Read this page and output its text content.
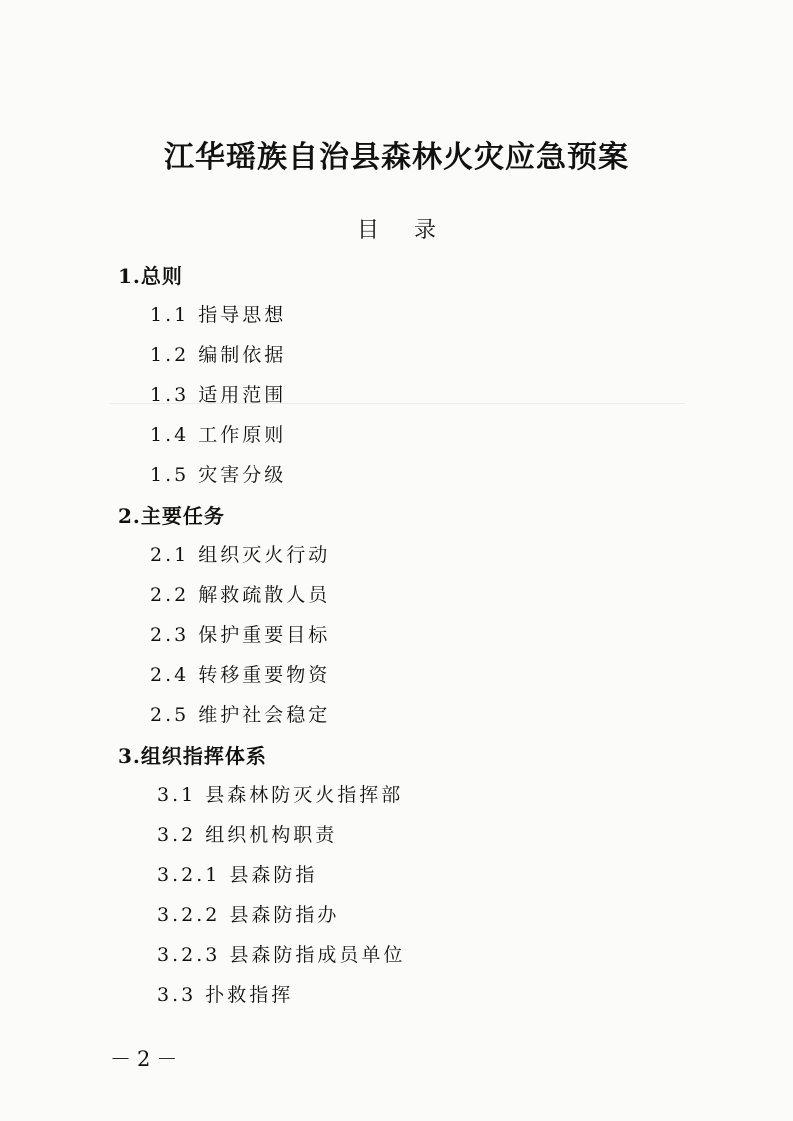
江华瑶族自治县森林火灾应急预案
目 录
1.总则
1.1 指导思想
1.2 编制依据
1.3 适用范围
1.4 工作原则
1.5 灾害分级
2.主要任务
2.1 组织灭火行动
2.2 解救疏散人员
2.3 保护重要目标
2.4 转移重要物资
2.5 维护社会稳定
3.组织指挥体系
3.1 县森林防灭火指挥部
3.2 组织机构职责
3.2.1 县森防指
3.2.2 县森防指办
3.2.3 县森防指成员单位
3.3 扑救指挥
－2－
